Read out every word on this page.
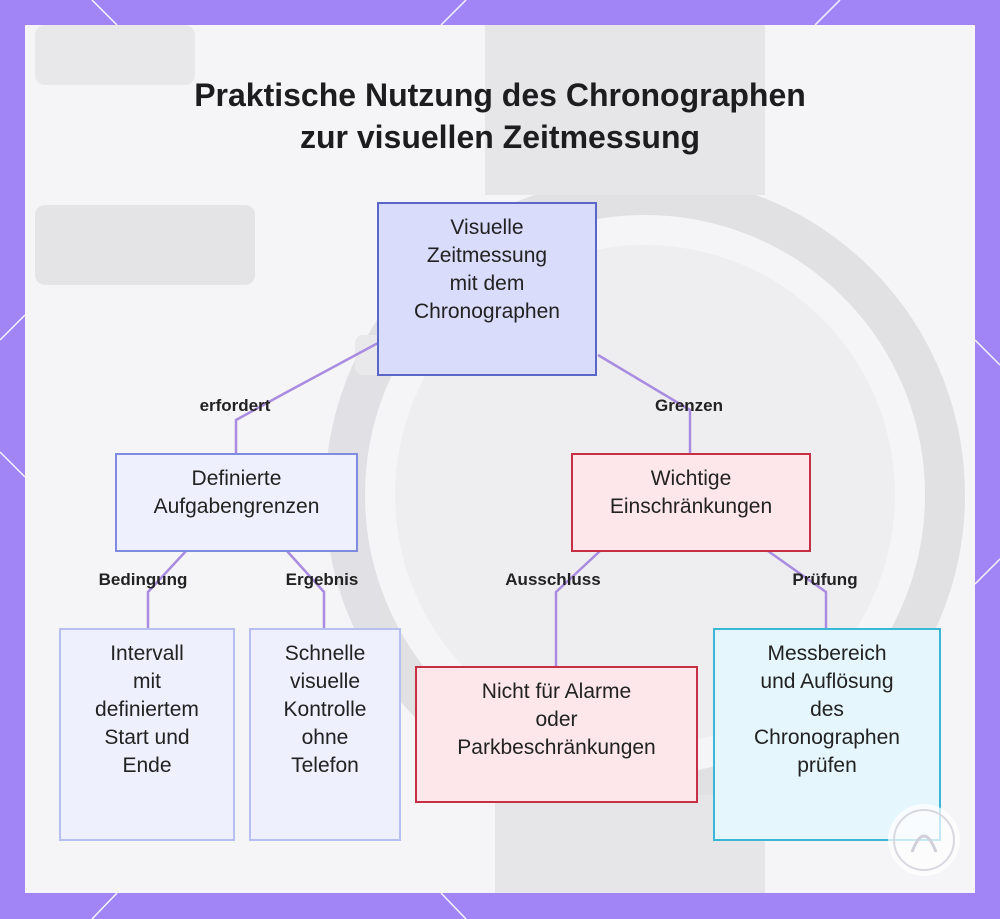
Praktische Nutzung des Chronographen
zur visuellen Zeitmessung
erfordert	Grenzen
Bedingung	Ergebnis	Ausschluss	Prüfung
Visuelle
Zeitmessung
mit dem
Chronographen
Definierte
Aufgabengrenzen
Wichtige
Einschränkungen
Intervall
mit
definiertem
Start und
Ende
Schnelle
visuelle
Kontrolle
ohne
Telefon
Nicht für Alarme
oder
Parkbeschränkungen
Messbereich
und Auflösung
des
Chronographen
prüfen
